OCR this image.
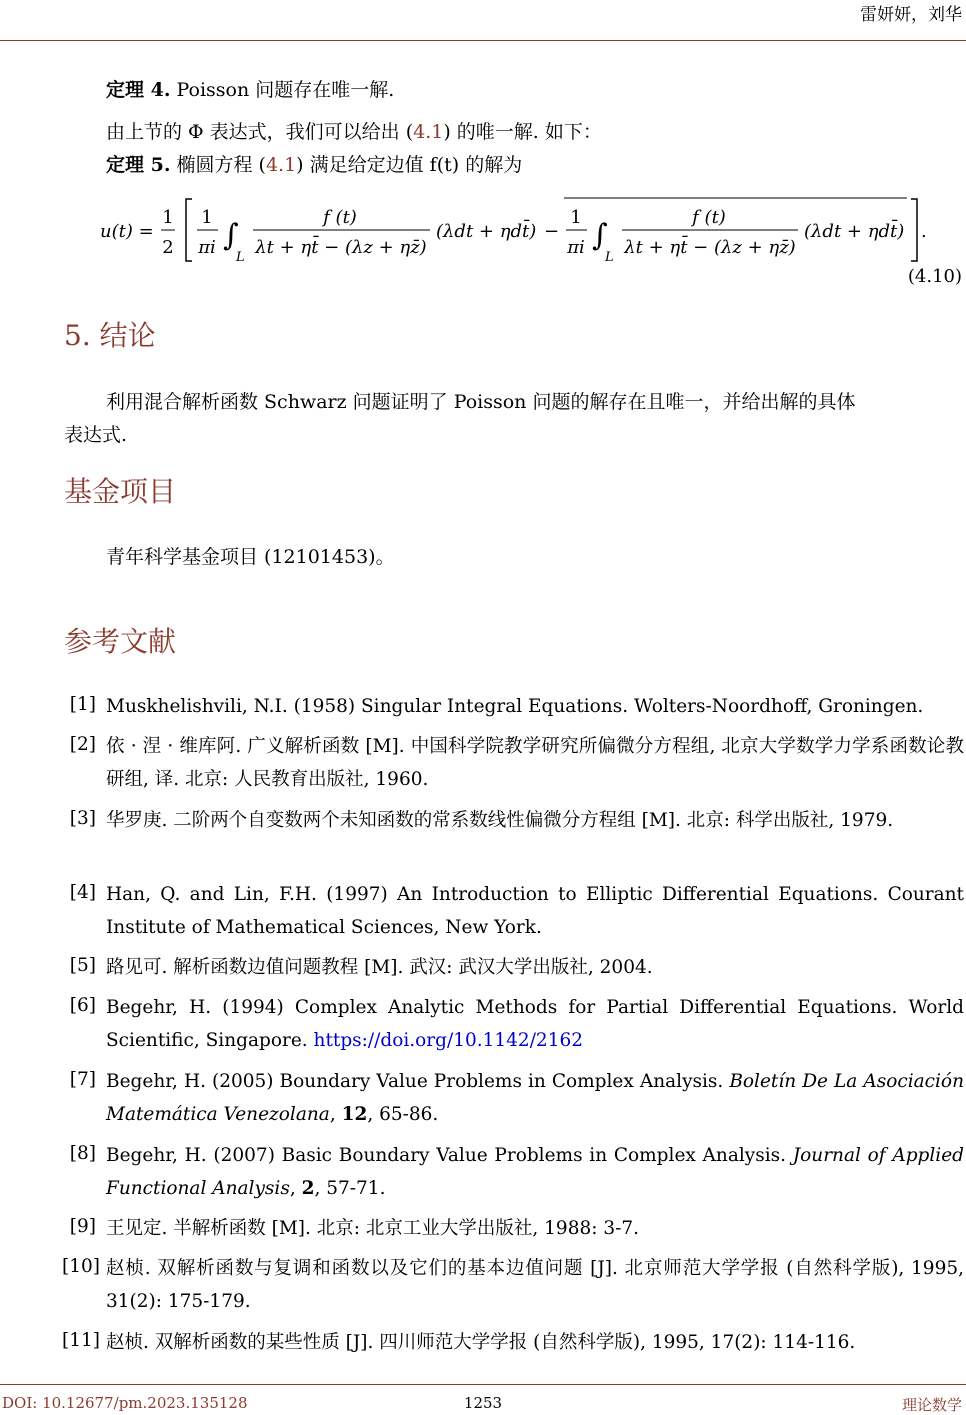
雷妍妍，刘华
定理 4. Poisson 问题存在唯一解.
由上节的 Φ 表达式，我们可以给出 (4.1) 的唯一解. 如下：
定理 5. 椭圆方程 (4.1) 满足给定边值 f(t) 的解为
u(t) =
1
2
1
πi ∫
L
f (t)
λt + ηt̄ − (λz + ηz̄)
(λdt + ηdt̄) −
1
πi ∫
L
f (t)
λt + ηt̄ − (λz + ηz̄)
(λdt + ηdt̄) .
(4.10)
5. 结论
利用混合解析函数 Schwarz 问题证明了 Poisson 问题的解存在且唯一，并给出解的具体
表达式.
基金项目
青年科学基金项目 (12101453)。
参考文献
[1] Muskhelishvili, N.I. (1958) Singular Integral Equations. Wolters-Noordhoff, Groningen.
[2] 依 · 涅 · 维库阿. 广义解析函数 [M]. 中国科学院教学研究所偏微分方程组, 北京大学数学力学系函数论教研组, 译. 北京: 人民教育出版社, 1960.
[3] 华罗庚. 二阶两个自变数两个未知函数的常系数线性偏微分方程组 [M]. 北京: 科学出版社, 1979.
[4] Han, Q. and Lin, F.H. (1997) An Introduction to Elliptic Differential Equations. Courant Institute of Mathematical Sciences, New York.
[5] 路见可. 解析函数边值问题教程 [M]. 武汉: 武汉大学出版社, 2004.
[6] Begehr, H. (1994) Complex Analytic Methods for Partial Differential Equations. World Scientific, Singapore. https://doi.org/10.1142/2162
[7] Begehr, H. (2005) Boundary Value Problems in Complex Analysis. Boletín De La Asociación Matemática Venezolana, 12, 65-86.
[8] Begehr, H. (2007) Basic Boundary Value Problems in Complex Analysis. Journal of Applied Functional Analysis, 2, 57-71.
[9] 王见定. 半解析函数 [M]. 北京: 北京工业大学出版社, 1988: 3-7.
[10] 赵桢. 双解析函数与复调和函数以及它们的基本边值问题 [J]. 北京师范大学学报 (自然科学版), 1995, 31(2): 175-179.
[11] 赵桢. 双解析函数的某些性质 [J]. 四川师范大学学报 (自然科学版), 1995, 17(2): 114-116.
DOI: 10.12677/pm.2023.135128	1253	理论数学
